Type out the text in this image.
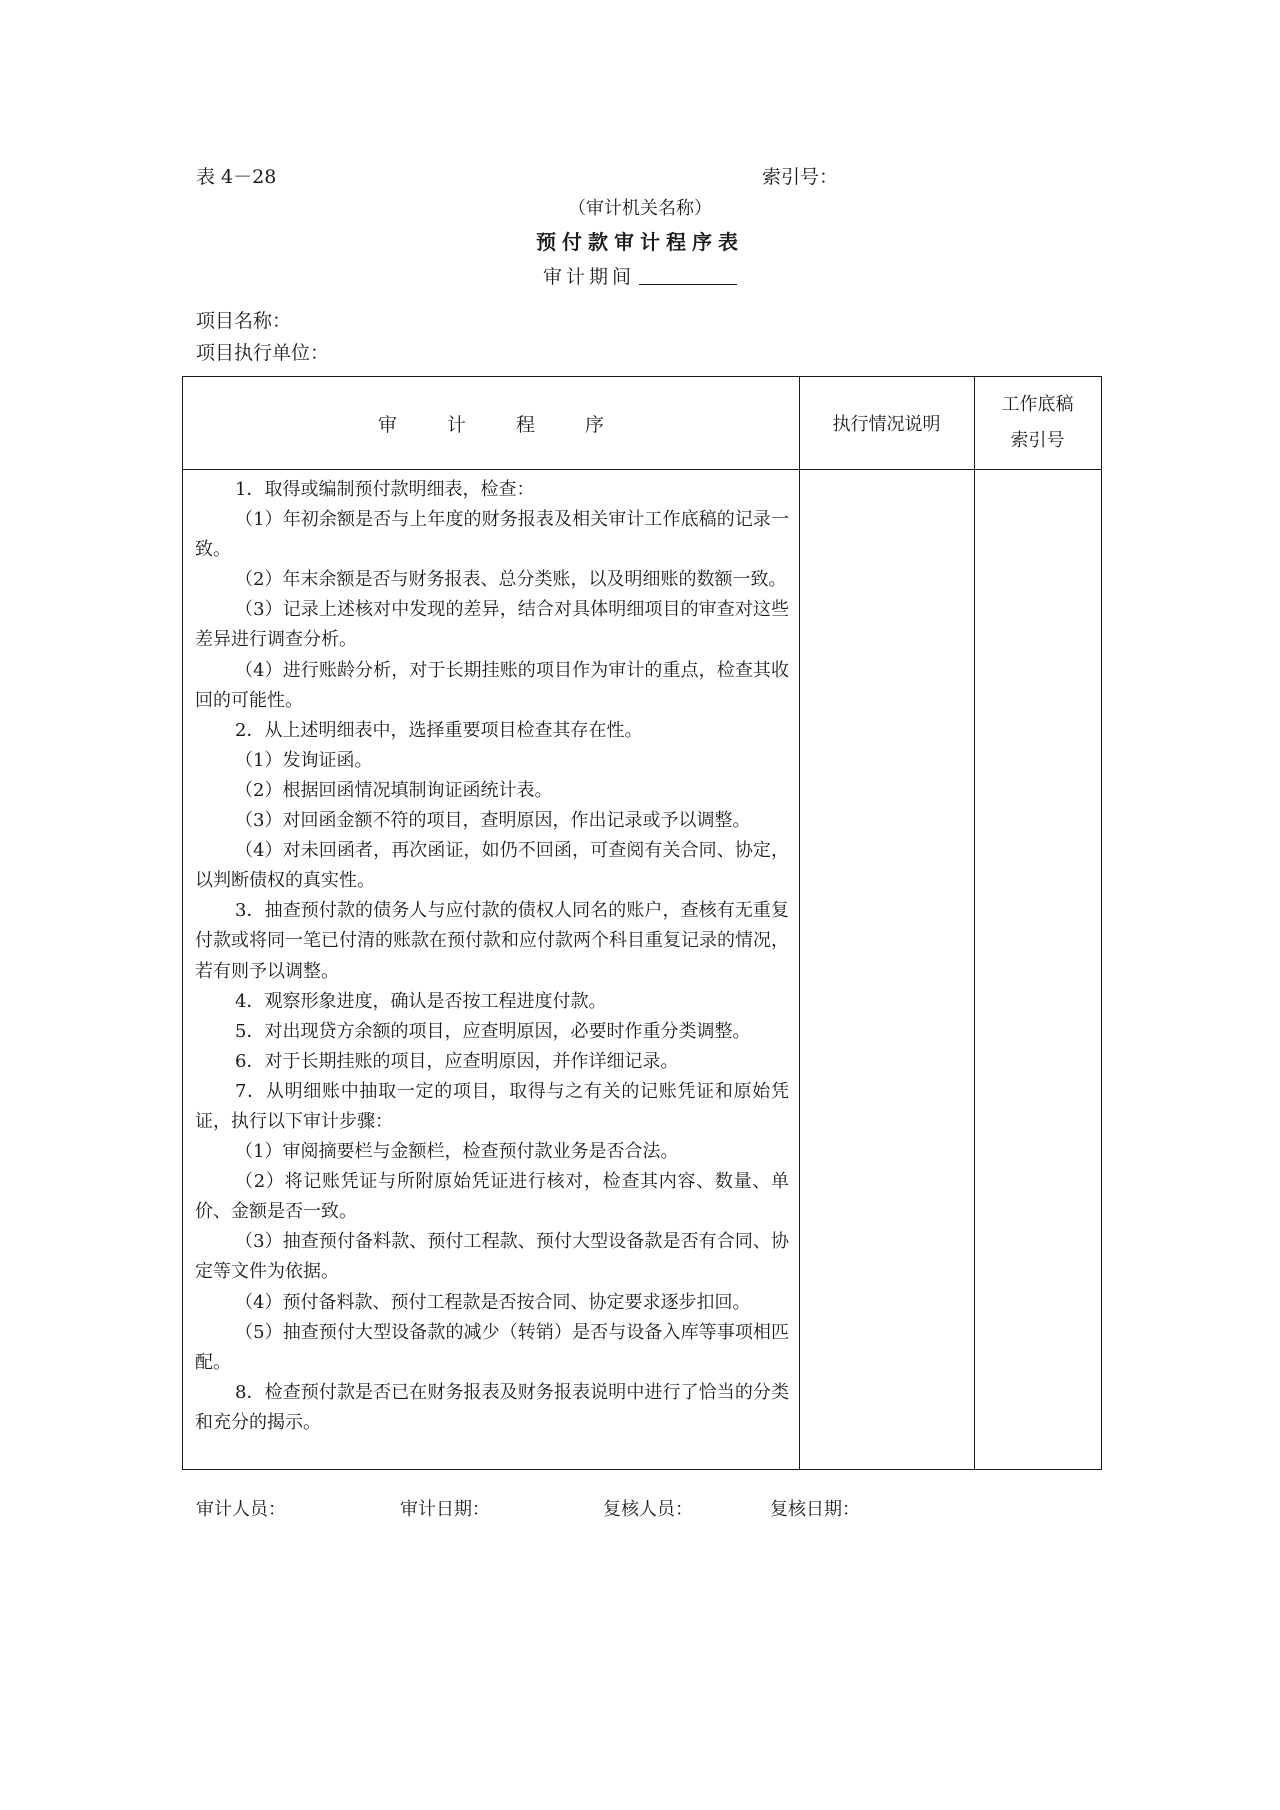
表 4－28	索引号：
（审计机关名称）
预付款审计程序表
审计期间
项目名称：
项目执行单位：
审 计 程 序	执行情况说明
工作底稿
索引号

1．取得或编制预付款明细表，检查：

（1）年初余额是否与上年度的财务报表及相关审计工作底稿的记录一致。

（2）年末余额是否与财务报表、总分类账，以及明细账的数额一致。

（3）记录上述核对中发现的差异，结合对具体明细项目的审查对这些差异进行调查分析。

（4）进行账龄分析，对于长期挂账的项目作为审计的重点，检查其收回的可能性。

2．从上述明细表中，选择重要项目检查其存在性。

（1）发询证函。

（2）根据回函情况填制询证函统计表。

（3）对回函金额不符的项目，查明原因，作出记录或予以调整。

（4）对未回函者，再次函证，如仍不回函，可查阅有关合同、协定，以判断债权的真实性。

3．抽查预付款的债务人与应付款的债权人同名的账户，查核有无重复付款或将同一笔已付清的账款在预付款和应付款两个科目重复记录的情况，若有则予以调整。

4．观察形象进度，确认是否按工程进度付款。

5．对出现贷方余额的项目，应查明原因，必要时作重分类调整。

6．对于长期挂账的项目，应查明原因，并作详细记录。

7．从明细账中抽取一定的项目，取得与之有关的记账凭证和原始凭证，执行以下审计步骤：

（1）审阅摘要栏与金额栏，检查预付款业务是否合法。

（2）将记账凭证与所附原始凭证进行核对，检查其内容、数量、单价、金额是否一致。

（3）抽查预付备料款、预付工程款、预付大型设备款是否有合同、协定等文件为依据。

（4）预付备料款、预付工程款是否按合同、协定要求逐步扣回。

（5）抽查预付大型设备款的减少（转销）是否与设备入库等事项相匹配。

8．检查预付款是否已在财务报表及财务报表说明中进行了恰当的分类和充分的揭示。

审计人员：	审计日期：	复核人员：	复核日期：
